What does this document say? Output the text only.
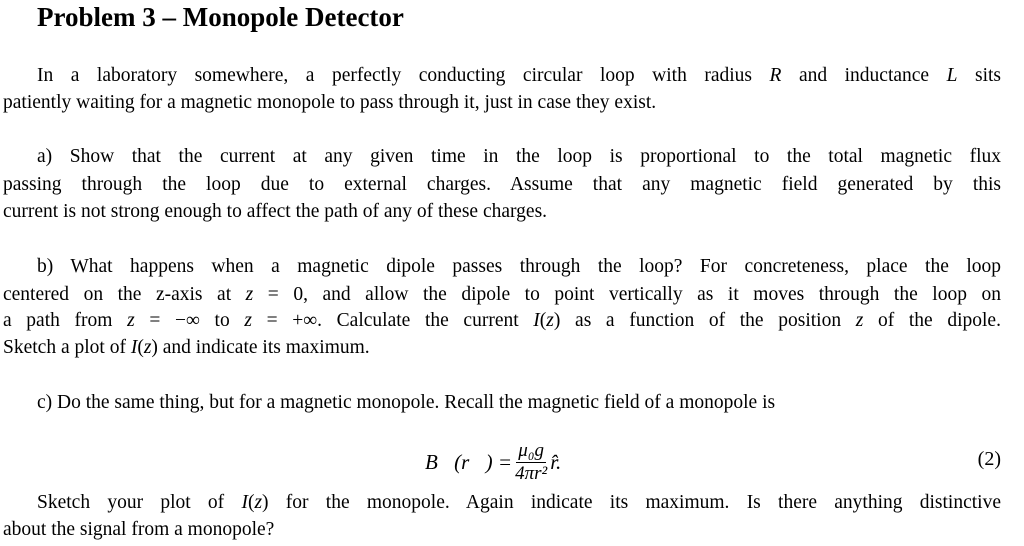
Problem 3 – Monopole Detector
In a laboratory somewhere, a perfectly conducting circular loop with radius R and inductance L sits
patiently waiting for a magnetic monopole to pass through it, just in case they exist.
a) Show that the current at any given time in the loop is proportional to the total magnetic flux
passing through the loop due to external charges. Assume that any magnetic field generated by this
current is not strong enough to affect the path of any of these charges.
b) What happens when a magnetic dipole passes through the loop? For concreteness, place the loop
centered on the z-axis at z = 0, and allow the dipole to point vertically as it moves through the loop on
a path from z = −∞ to z = +∞. Calculate the current I(z) as a function of the position z of the dipole.
Sketch a plot of I(z) and indicate its maximum.
c) Do the same thing, but for a magnetic monopole. Recall the magnetic field of a monopole is
B⃗(r⃗) = $\frac{\text{μ₀g}}{\text{4πr²}}$ r̂.	(2)
Sketch your plot of I(z) for the monopole. Again indicate its maximum. Is there anything distinctive
about the signal from a monopole?
